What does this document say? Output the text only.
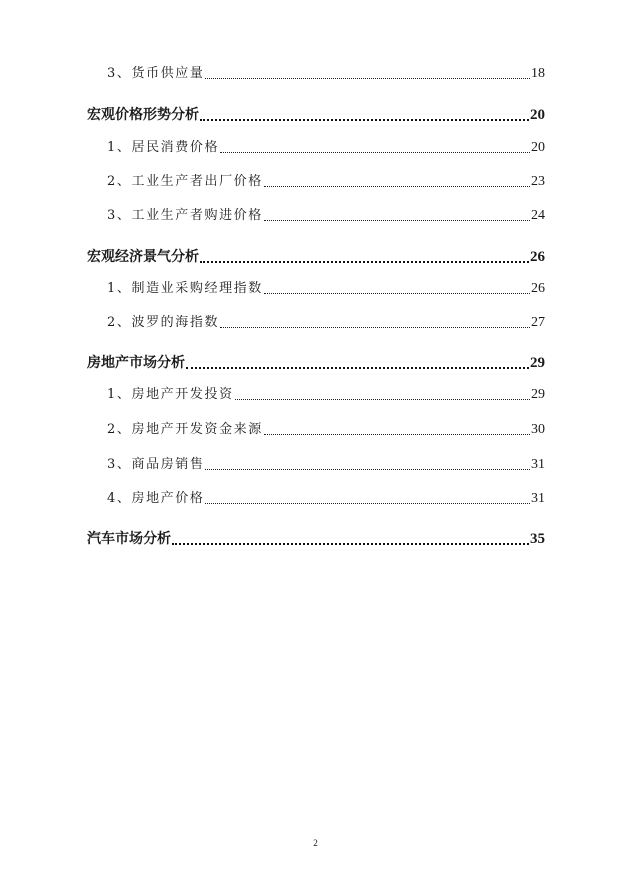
3、货币供应量	18
宏观价格形势分析	20
1、居民消费价格	20
2、工业生产者出厂价格	23
3、工业生产者购进价格	24
宏观经济景气分析	26
1、制造业采购经理指数	26
2、波罗的海指数	27
房地产市场分析	29
1、房地产开发投资	29
2、房地产开发资金来源	30
3、商品房销售	31
4、房地产价格	31
汽车市场分析	35
2
